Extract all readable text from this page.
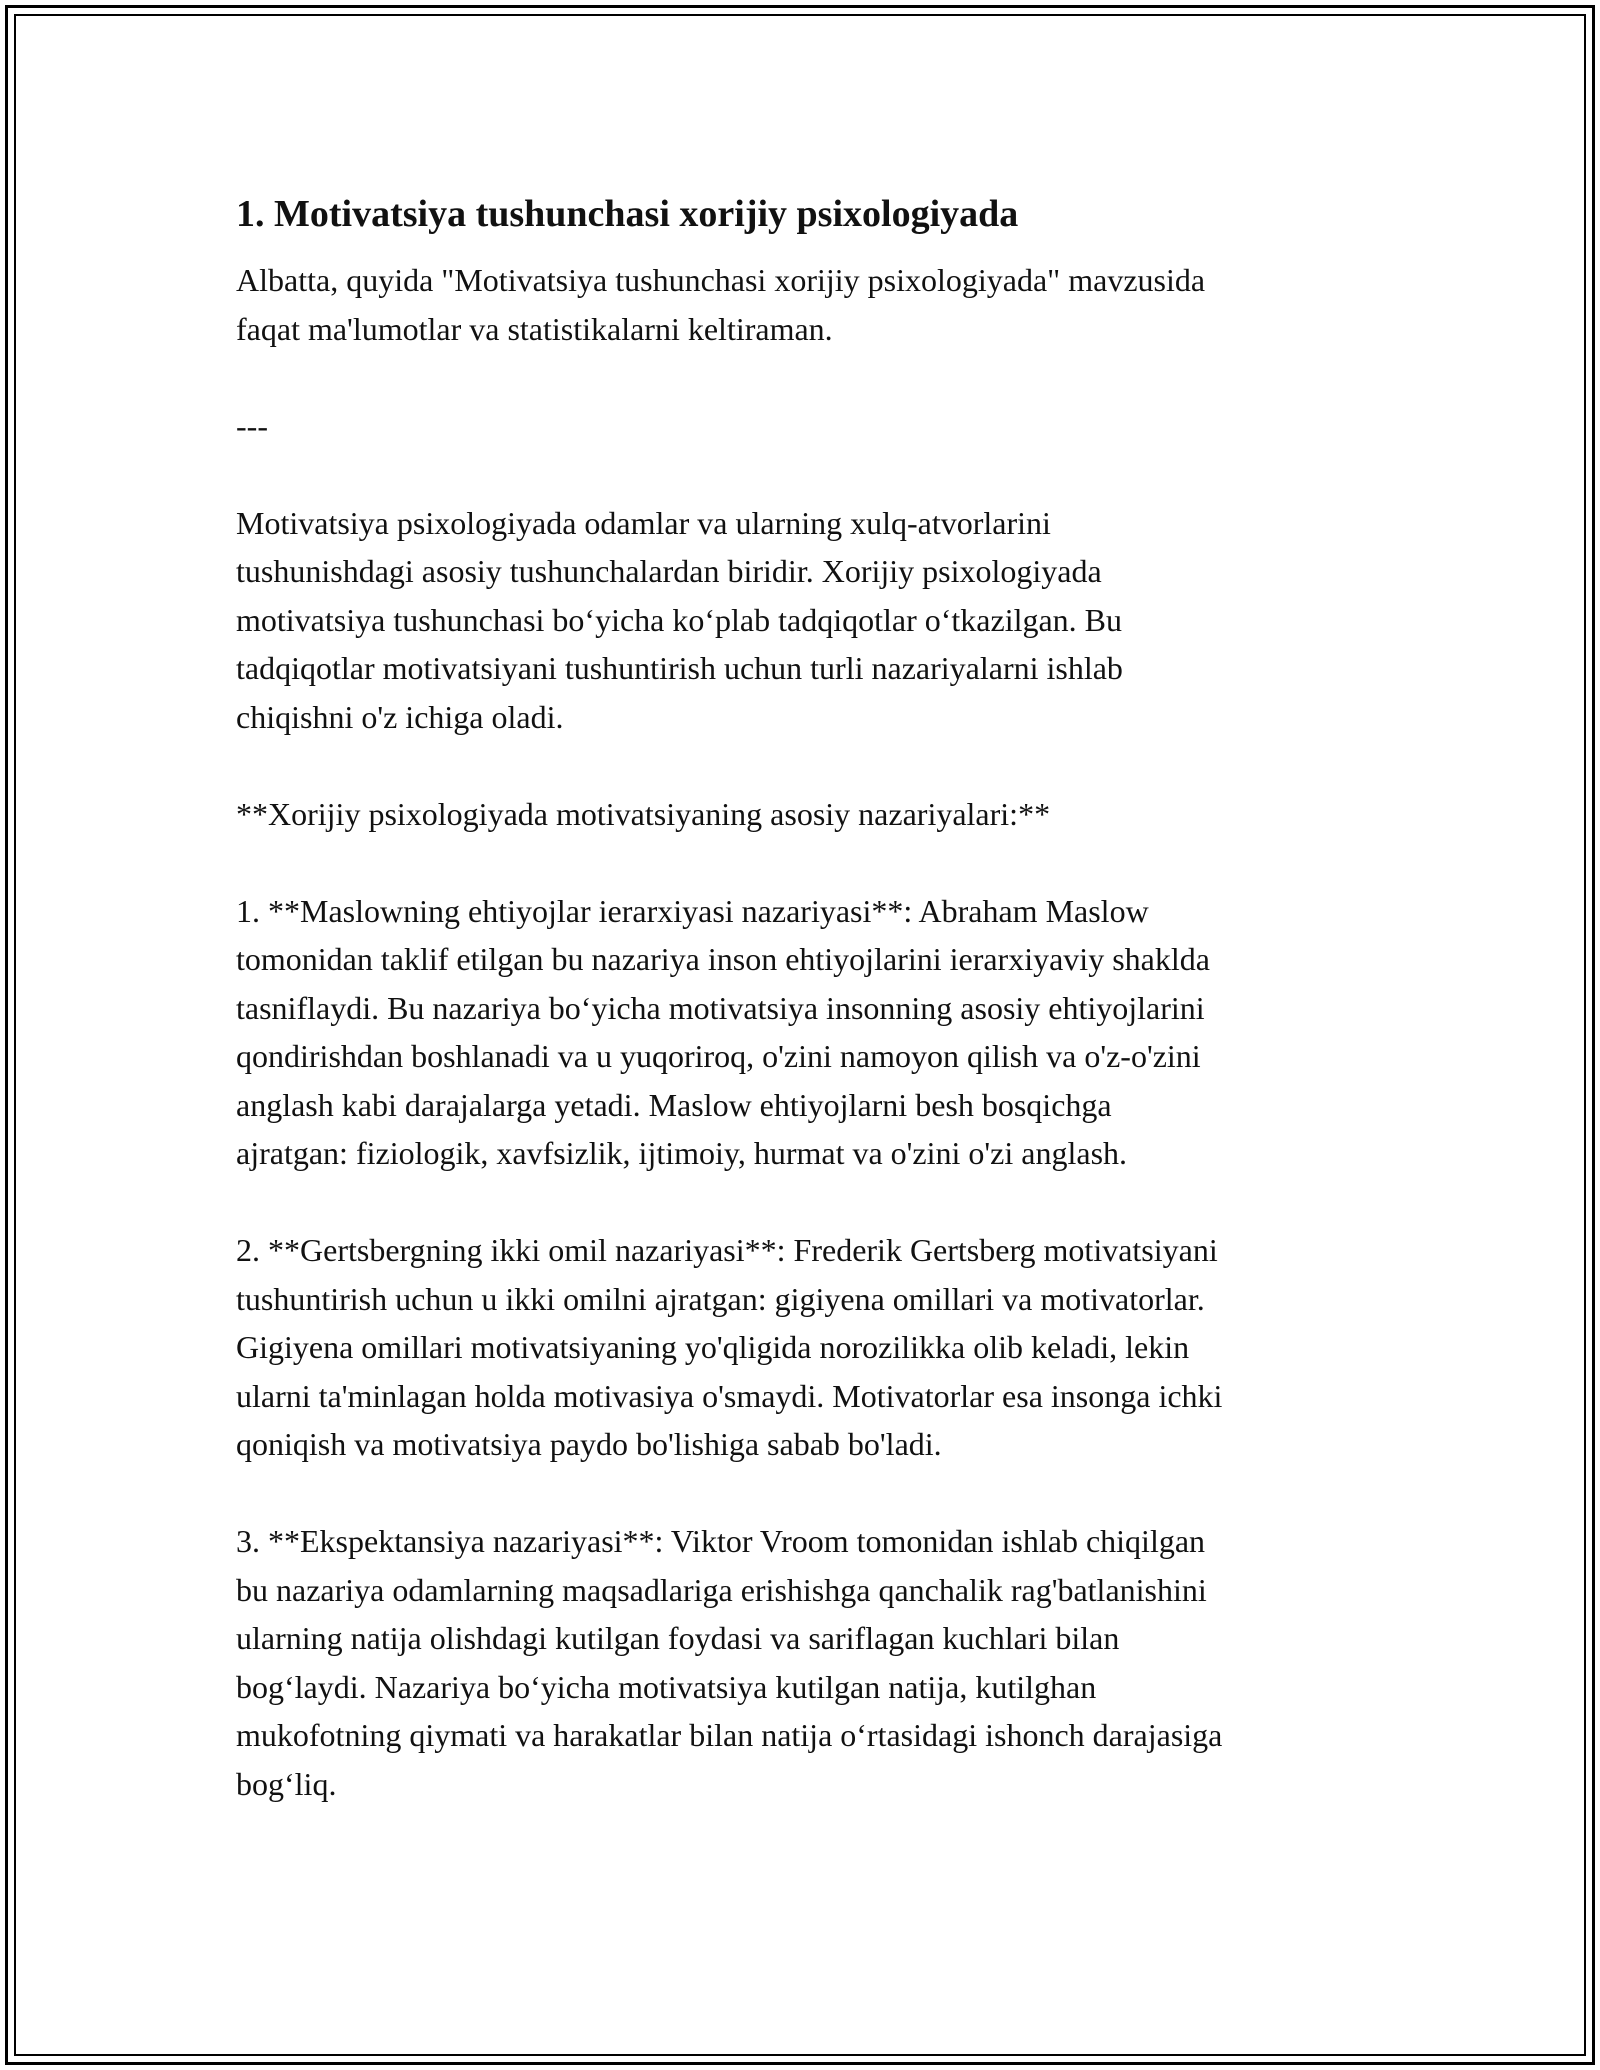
1. Motivatsiya tushunchasi xorijiy psixologiyada
Albatta, quyida "Motivatsiya tushunchasi xorijiy psixologiyada" mavzusida
faqat ma'lumotlar va statistikalarni keltiraman.
---
Motivatsiya psixologiyada odamlar va ularning xulq-atvorlarini
tushunishdagi asosiy tushunchalardan biridir. Xorijiy psixologiyada
motivatsiya tushunchasi bo‘yicha ko‘plab tadqiqotlar o‘tkazilgan. Bu
tadqiqotlar motivatsiyani tushuntirish uchun turli nazariyalarni ishlab
chiqishni o'z ichiga oladi.
**Xorijiy psixologiyada motivatsiyaning asosiy nazariyalari:**
1. **Maslowning ehtiyojlar ierarxiyasi nazariyasi**: Abraham Maslow
tomonidan taklif etilgan bu nazariya inson ehtiyojlarini ierarxiyaviy shaklda
tasniflaydi. Bu nazariya bo‘yicha motivatsiya insonning asosiy ehtiyojlarini
qondirishdan boshlanadi va u yuqoriroq, o'zini namoyon qilish va o'z-o'zini
anglash kabi darajalarga yetadi. Maslow ehtiyojlarni besh bosqichga
ajratgan: fiziologik, xavfsizlik, ijtimoiy, hurmat va o'zini o'zi anglash.
2. **Gertsbergning ikki omil nazariyasi**: Frederik Gertsberg motivatsiyani
tushuntirish uchun u ikki omilni ajratgan: gigiyena omillari va motivatorlar.
Gigiyena omillari motivatsiyaning yo'qligida norozilikka olib keladi, lekin
ularni ta'minlagan holda motivasiya o'smaydi. Motivatorlar esa insonga ichki
qoniqish va motivatsiya paydo bo'lishiga sabab bo'ladi.
3. **Ekspektansiya nazariyasi**: Viktor Vroom tomonidan ishlab chiqilgan
bu nazariya odamlarning maqsadlariga erishishga qanchalik rag'batlanishini
ularning natija olishdagi kutilgan foydasi va sariflagan kuchlari bilan
bog‘laydi. Nazariya bo‘yicha motivatsiya kutilgan natija, kutilghan
mukofotning qiymati va harakatlar bilan natija o‘rtasidagi ishonch darajasiga
bog‘liq.
